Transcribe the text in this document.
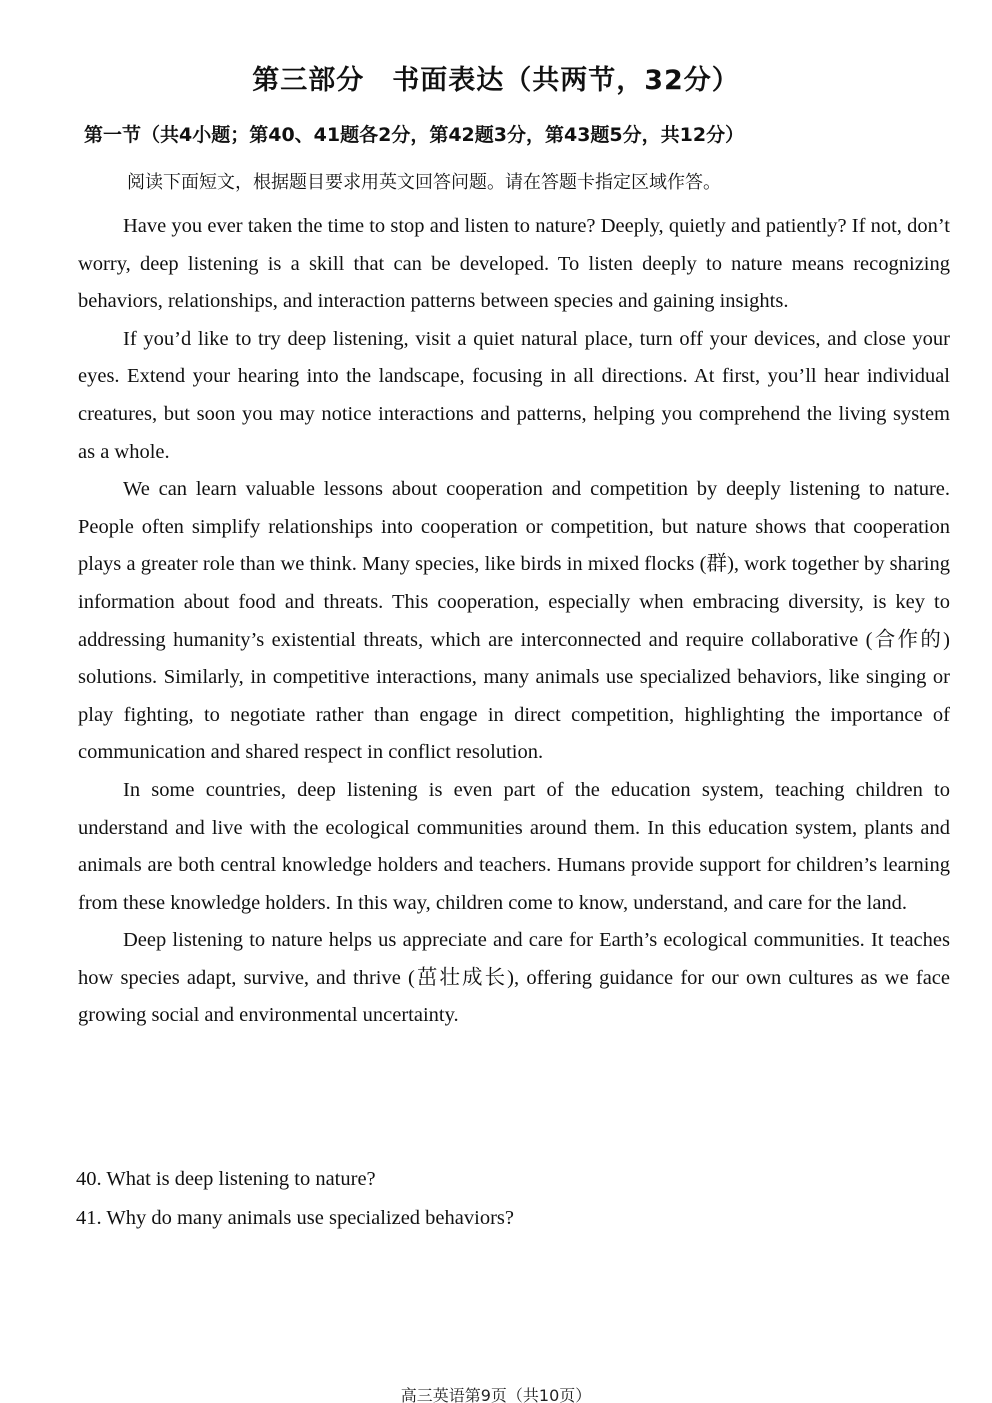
第三部分　书面表达（共两节，32分）
第一节（共4小题；第40、41题各2分，第42题3分，第43题5分，共12分）
阅读下面短文，根据题目要求用英文回答问题。请在答题卡指定区域作答。

Have you ever taken the time to stop and listen to nature? Deeply, quietly and patiently? If not, don’t worry, deep listening is a skill that can be developed. To listen deeply to nature means recognizing behaviors, relationships, and interaction patterns between species and gaining insights.

If you’d like to try deep listening, visit a quiet natural place, turn off your devices, and close your eyes. Extend your hearing into the landscape, focusing in all directions. At first, you’ll hear individual creatures, but soon you may notice interactions and patterns, helping you comprehend the living system as a whole.

We can learn valuable lessons about cooperation and competition by deeply listening to nature. People often simplify relationships into cooperation or competition, but nature shows that cooperation plays a greater role than we think. Many species, like birds in mixed flocks (群), work together by sharing information about food and threats. This cooperation, especially when embracing diversity, is key to addressing humanity’s existential threats, which are interconnected and require collaborative (合作的) solutions. Similarly, in competitive interactions, many animals use specialized behaviors, like singing or play fighting, to negotiate rather than engage in direct competition, highlighting the importance of communication and shared respect in conflict resolution.

In some countries, deep listening is even part of the education system, teaching children to understand and live with the ecological communities around them. In this education system, plants and animals are both central knowledge holders and teachers. Humans provide support for children’s learning from these knowledge holders. In this way, children come to know, understand, and care for the land.

Deep listening to nature helps us appreciate and care for Earth’s ecological communities. It teaches how species adapt, survive, and thrive (茁壮成长), offering guidance for our own cultures as we face growing social and environmental uncertainty.

40. What is deep listening to nature?
41. Why do many animals use specialized behaviors?
高三英语第9页（共10页）
